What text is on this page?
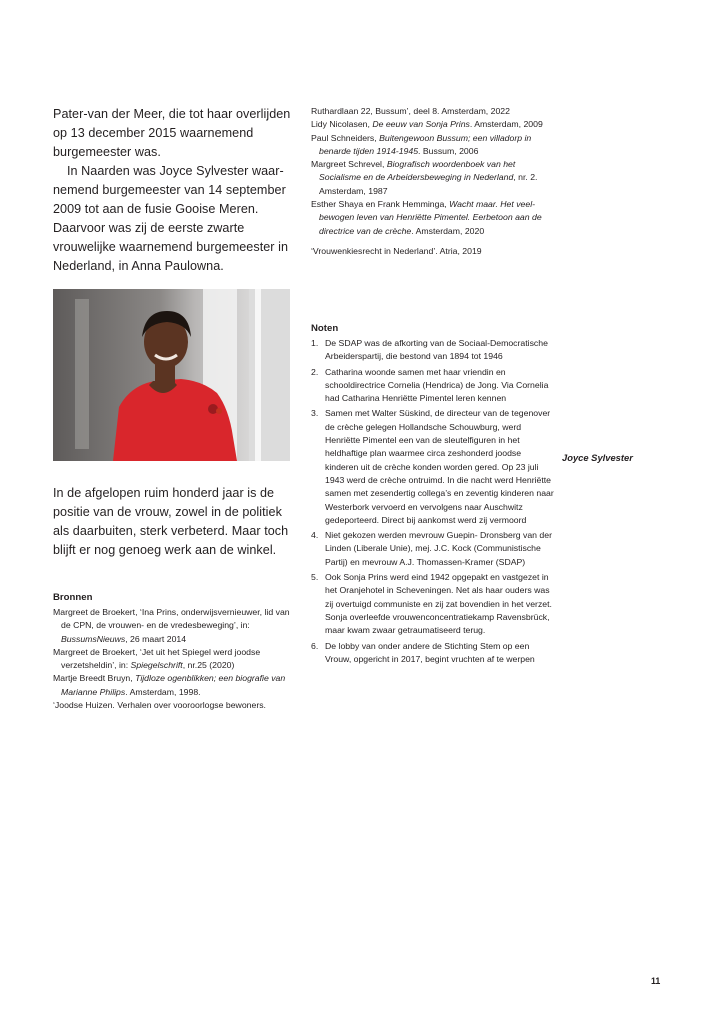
Pater-van der Meer, die tot haar overlijden op 13 december 2015 waarnemend burgemeester was.

In Naarden was Joyce Sylvester waarnemend burgemeester van 14 september 2009 tot aan de fusie Gooise Meren. Daarvoor was zij de eerste zwarte vrouwelijke waarnemend burgemeester in Nederland, in Anna Paulowna.

In de afgelopen ruim honderd jaar is de positie van de vrouw, zowel in de politiek als daarbuiten, sterk verbeterd. Maar toch blijft er nog genoeg werk aan de winkel.

Bronnen

Margreet de Broekert, ‘Ina Prins, onderwijsvernieuwer, lid van de CPN, de vrouwen- en de vredesbeweging’, in: BussumsNieuws, 26 maart 2014

Margreet de Broekert, ‘Jet uit het Spiegel werd joodse verzetsheldin’, in: Spiegelschrift, nr.25 (2020)

Martje Breedt Bruyn, Tijdloze ogenblikken; een biografie van Marianne Philips. Amsterdam, 1998.

‘Joodse Huizen. Verhalen over vooroorlogse bewoners.

Ruthardlaan 22, Bussum’, deel 8. Amsterdam, 2022

Lidy Nicolasen, De eeuw van Sonja Prins. Amsterdam, 2009

Paul Schneiders, Buitengewoon Bussum; een villadorp in benarde tijden 1914-1945. Bussum, 2006

Margreet Schrevel, Biografisch woordenboek van het Socialisme en de Arbeidersbeweging in Nederland, nr. 2. Amsterdam, 1987

Esther Shaya en Frank Hemminga, Wacht maar. Het veelbewogen leven van Henriëtte Pimentel. Eerbetoon aan de directrice van de crèche. Amsterdam, 2020

‘Vrouwenkiesrecht in Nederland’. Atria, 2019

Noten

1. De SDAP was de afkorting van de Sociaal-Democratische Arbeiderspartij, die bestond van 1894 tot 1946
2. Catharina woonde samen met haar vriendin en schooldirectrice Cornelia (Hendrica) de Jong. Via Cornelia had Catharina Henriëtte Pimentel leren kennen
3. Samen met Walter Süskind, de directeur van de tegenover de crèche gelegen Hollandsche Schouwburg, werd Henriëtte Pimentel een van de sleutelfiguren in het heldhaftige plan waarmee circa zeshonderd joodse kinderen uit de crèche konden worden gered. Op 23 juli 1943 werd de crèche ontruimd. In die nacht werd Henriëtte samen met zesendertig collega’s en zeventig kinderen naar Westerbork vervoerd en vervolgens naar Auschwitz gedeporteerd. Direct bij aankomst werd zij vermoord
4. Niet gekozen werden mevrouw Guepin- Dronsberg van der Linden (Liberale Unie), mej. J.C. Kock (Communistische Partij) en mevrouw A.J. Thomassen-Kramer (SDAP)
5. Ook Sonja Prins werd eind 1942 opgepakt en vastgezet in het Oranjehotel in Scheveningen. Net als haar ouders was zij overtuigd communiste en zij zat bovendien in het verzet. Sonja overleefde vrouwenconcentratiekamp Ravensbrück, maar kwam zwaar getraumatiseerd terug.
6. De lobby van onder andere de Stichting Stem op een Vrouw, opgericht in 2017, begint vruchten af te werpen
Joyce Sylvester
11
